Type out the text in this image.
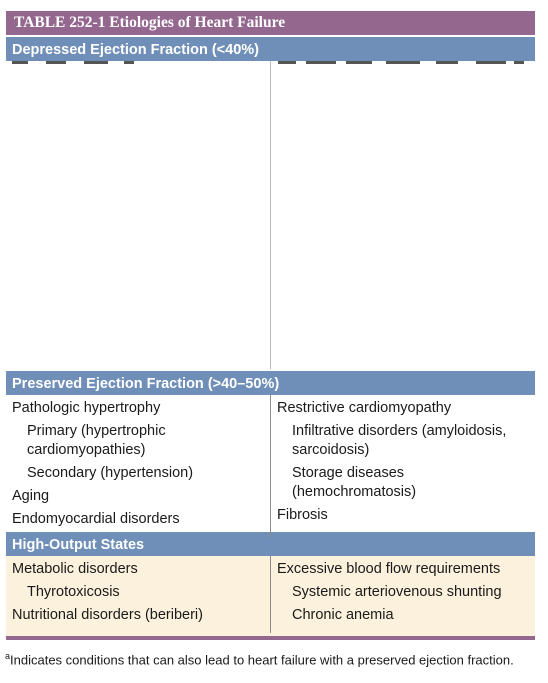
TABLE 252-1 Etiologies of Heart Failure
Depressed Ejection Fraction (<40%)
Preserved Ejection Fraction (>40–50%)
Pathologic hypertrophy
Primary (hypertrophic cardiomyopathies)
Secondary (hypertension)
Aging
Endomyocardial disorders
Restrictive cardiomyopathy
Infiltrative disorders (amyloidosis, sarcoidosis)
Storage diseases (hemochromatosis)
Fibrosis
High-Output States
Metabolic disorders
Thyrotoxicosis
Nutritional disorders (beriberi)
Excessive blood flow requirements
Systemic arteriovenous shunting
Chronic anemia
$^a$Indicates conditions that can also lead to heart failure with a preserved ejection fraction.
